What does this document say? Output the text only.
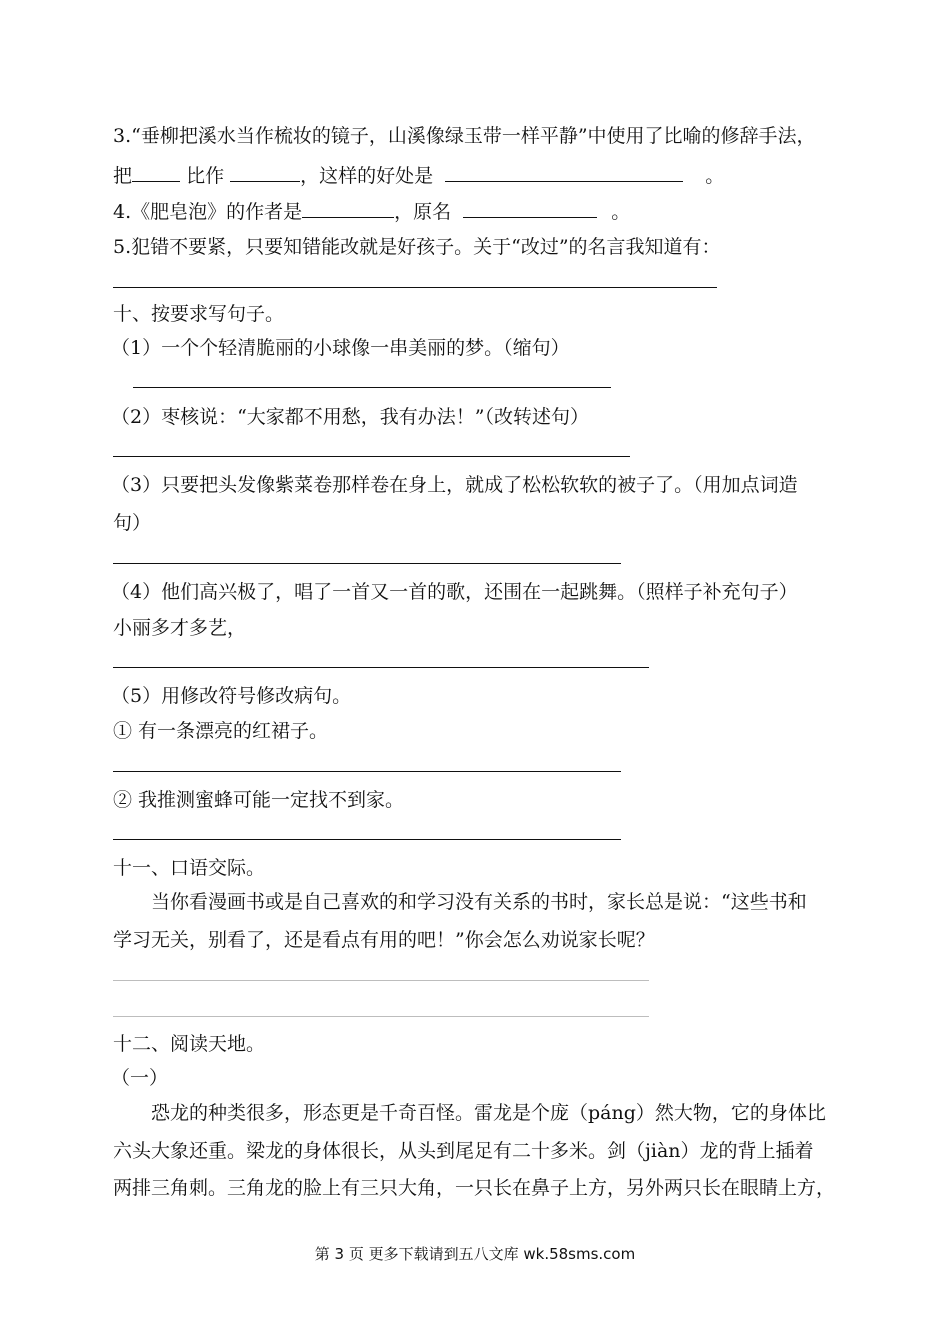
3.“垂柳把溪水当作梳妆的镜子，山溪像绿玉带一样平静”中使用了比喻的修辞手法，
把	比作	，这样的好处是	。
4.《肥皂泡》的作者是	，原名	。
5.犯错不要紧，只要知错能改就是好孩子。关于“改过”的名言我知道有：
十、按要求写句子。
（1）一个个轻清脆丽的小球像一串美丽的梦。（缩句）
（2）枣核说：“大家都不用愁，我有办法！”（改转述句）
（3）只要把头发像紫菜卷那样卷在身上，就成了松松软软的被子了。（用加点词造
句）
（4）他们高兴极了，唱了一首又一首的歌，还围在一起跳舞。（照样子补充句子）
小丽多才多艺，
（5）用修改符号修改病句。
① 有一条漂亮的红裙子。
② 我推测蜜蜂可能一定找不到家。
十一、口语交际。
当你看漫画书或是自己喜欢的和学习没有关系的书时，家长总是说：“这些书和
学习无关，别看了，还是看点有用的吧！”你会怎么劝说家长呢？
十二、阅读天地。
（一）
恐龙的种类很多，形态更是千奇百怪。雷龙是个庞（páng）然大物，它的身体比
六头大象还重。梁龙的身体很长，从头到尾足有二十多米。剑（jiàn）龙的背上插着
两排三角刺。三角龙的脸上有三只大角，一只长在鼻子上方，另外两只长在眼睛上方，
第 3 页 更多下载请到五八文库 wk.58sms.com
